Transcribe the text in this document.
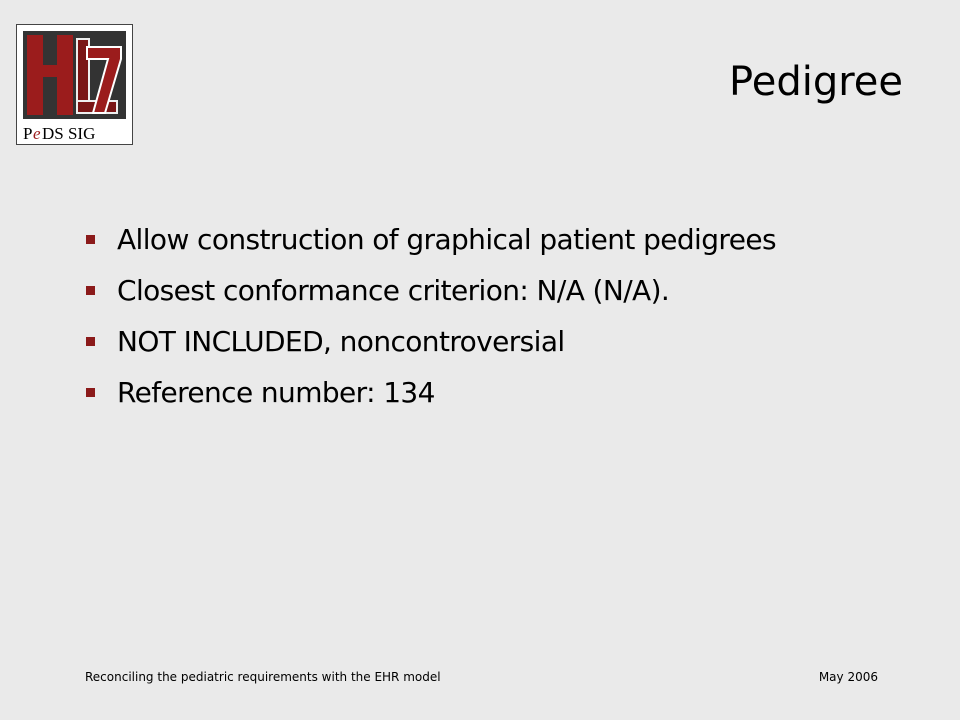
P e DS SIG
Pedigree
Allow construction of graphical patient pedigrees
Closest conformance criterion: N/A (N/A).
NOT INCLUDED, noncontroversial
Reference number: 134
Reconciling the pediatric requirements with the EHR model	May 2006
